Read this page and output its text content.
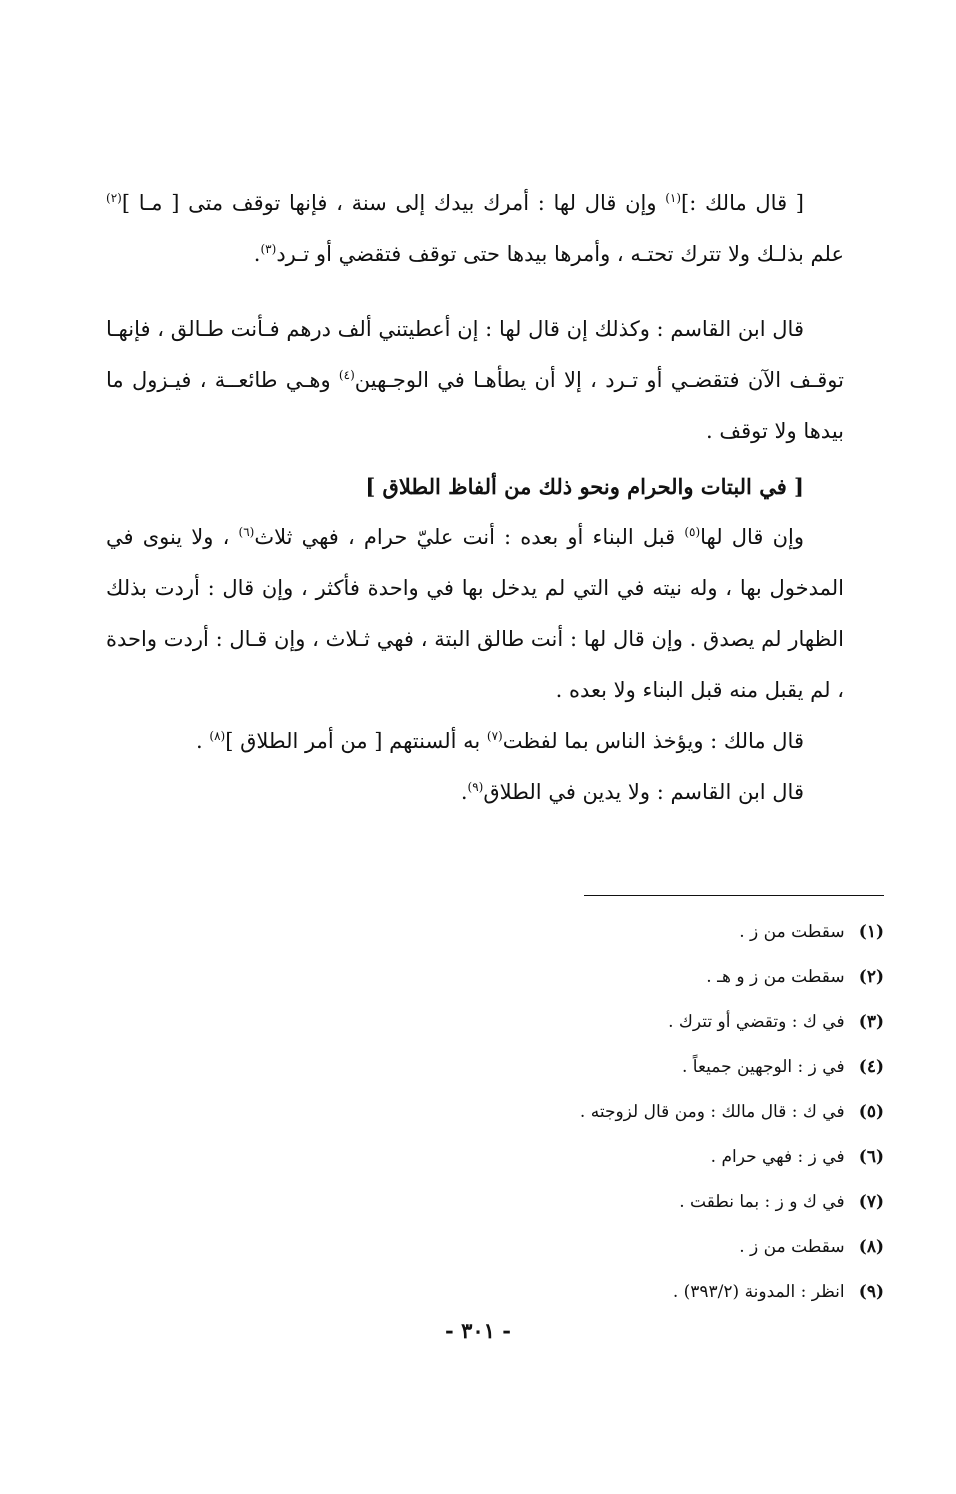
[ قال مالك :]$^{(١)}$ وإن قال لها : أمرك بيدك إلى سنة ، فإنها توقف متى [ مـا ]$^{(٢)}$ علم بذلـك ولا تترك تحتـه ، وأمرها بيدها حتى توقف فتقضي أو تـرد$^{(٣)}$.

قال ابن القاسم : وكذلك إن قال لها : إن أعطيتني ألف درهم فـأنت طـالق ، فإنهـا توقـف الآن فتقضـي أو تـرد ، إلا أن يطأهـا في الوجـهين$^{(٤)}$ وهـي طائعــة ، فيـزول ما بيدها ولا توقف .

[ في البتات والحرام ونحو ذلك من ألفاظ الطلاق ]

وإن قال لها$^{(٥)}$ قبل البناء أو بعده : أنت عليّ حرام ، فهي ثلاث$^{(٦)}$ ، ولا ينوى في المدخول بها ، وله نيته في التي لم يدخل بها في واحدة فأكثر ، وإن قال : أردت بذلك الظهار لم يصدق . وإن قال لها : أنت طالق البتة ، فهي ثـلاث ، وإن قـال : أردت واحدة ، لم يقبل منه قبل البناء ولا بعده .

قال مالك : ويؤخذ الناس بما لفظت$^{(٧)}$ به ألسنتهم [ من أمر الطلاق ]$^{(٨)}$ .

قال ابن القاسم : ولا يدين في الطلاق$^{(٩)}$.

(١) سقطت من ز .
(٢) سقطت من ز و هـ .
(٣) في ك : وتقضي أو تترك .
(٤) في ز : الوجهين جميعاً .
(٥) في ك : قال مالك : ومن قال لزوجته .
(٦) في ز : فهي حرام .
(٧) في ك و ز : بما نطقت .
(٨) سقطت من ز .
(٩) انظر : المدونة (٣٩٣/٢) .
- ٣٠١ -
